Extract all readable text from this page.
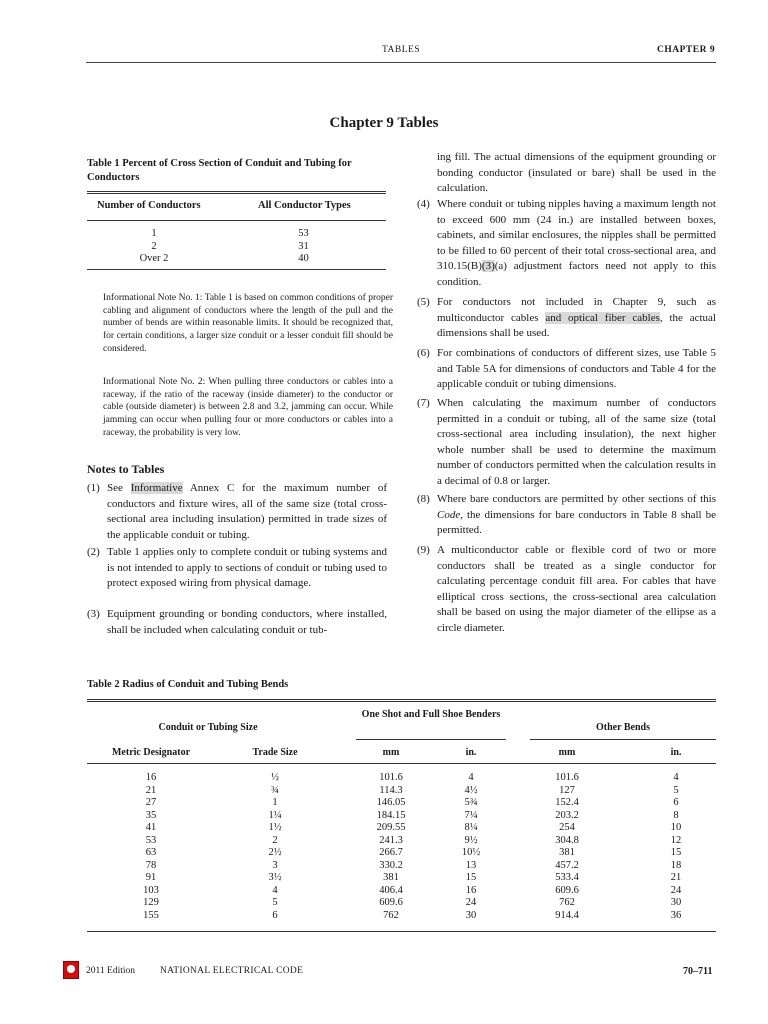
TABLES	CHAPTER 9
Chapter 9 Tables
Table 1 Percent of Cross Section of Conduit and Tubing for Conductors
Number of Conductors	All Conductor Types
1	53
2	31
Over 2	40
Informational Note No. 1: Table 1 is based on common conditions of proper cabling and alignment of conductors where the length of the pull and the number of bends are within reasonable limits. It should be recognized that, for certain conditions, a larger size conduit or a lesser conduit fill should be considered.
Informational Note No. 2: When pulling three conductors or cables into a raceway, if the ratio of the raceway (inside diameter) to the conductor or cable (outside diameter) is between 2.8 and 3.2, jamming can occur. While jamming can occur when pulling four or more conductors or cables into a raceway, the probability is very low.
Notes to Tables
(1) See Informative Annex C for the maximum number of conductors and fixture wires, all of the same size (total cross-sectional area including insulation) permitted in trade sizes of the applicable conduit or tubing.
(2) Table 1 applies only to complete conduit or tubing systems and is not intended to apply to sections of conduit or tubing used to protect exposed wiring from physical damage.
(3) Equipment grounding or bonding conductors, where installed, shall be included when calculating conduit or tub-
ing fill. The actual dimensions of the equipment grounding or bonding conductor (insulated or bare) shall be used in the calculation.
(4) Where conduit or tubing nipples having a maximum length not to exceed 600 mm (24 in.) are installed between boxes, cabinets, and similar enclosures, the nipples shall be permitted to be filled to 60 percent of their total cross-sectional area, and 310.15(B)(3)(a) adjustment factors need not apply to this condition.
(5) For conductors not included in Chapter 9, such as multiconductor cables and optical fiber cables, the actual dimensions shall be used.
(6) For combinations of conductors of different sizes, use Table 5 and Table 5A for dimensions of conductors and Table 4 for the applicable conduit or tubing dimensions.
(7) When calculating the maximum number of conductors permitted in a conduit or tubing, all of the same size (total cross-sectional area including insulation), the next higher whole number shall be used to determine the maximum number of conductors permitted when the calculation results in a decimal of 0.8 or larger.
(8) Where bare conductors are permitted by other sections of this Code, the dimensions for bare conductors in Table 8 shall be permitted.
(9) A multiconductor cable or flexible cord of two or more conductors shall be treated as a single conductor for calculating percentage conduit fill area. For cables that have elliptical cross sections, the cross-sectional area calculation shall be based on using the major diameter of the ellipse as a circle diameter.
Table 2 Radius of Conduit and Tubing Bends
Conduit or Tubing Size
One Shot and Full Shoe Benders
Other Bends
Metric Designator	Trade Size	mm	in.	mm	in.
16	½	101.6	4	101.6	4
21	¾	114.3	4½	127	5
27	1	146.05	5¾	152.4	6
35	1¼	184.15	7¼	203.2	8
41	1½	209.55	8¼	254	10
53	2	241.3	9½	304.8	12
63	2½	266.7	10½	381	15
78	3	330.2	13	457.2	18
91	3½	381	15	533.4	21
103	4	406.4	16	609.6	24
129	5	609.6	24	762	30
155	6	762	30	914.4	36
2011 Edition	NATIONAL ELECTRICAL CODE	70–711
